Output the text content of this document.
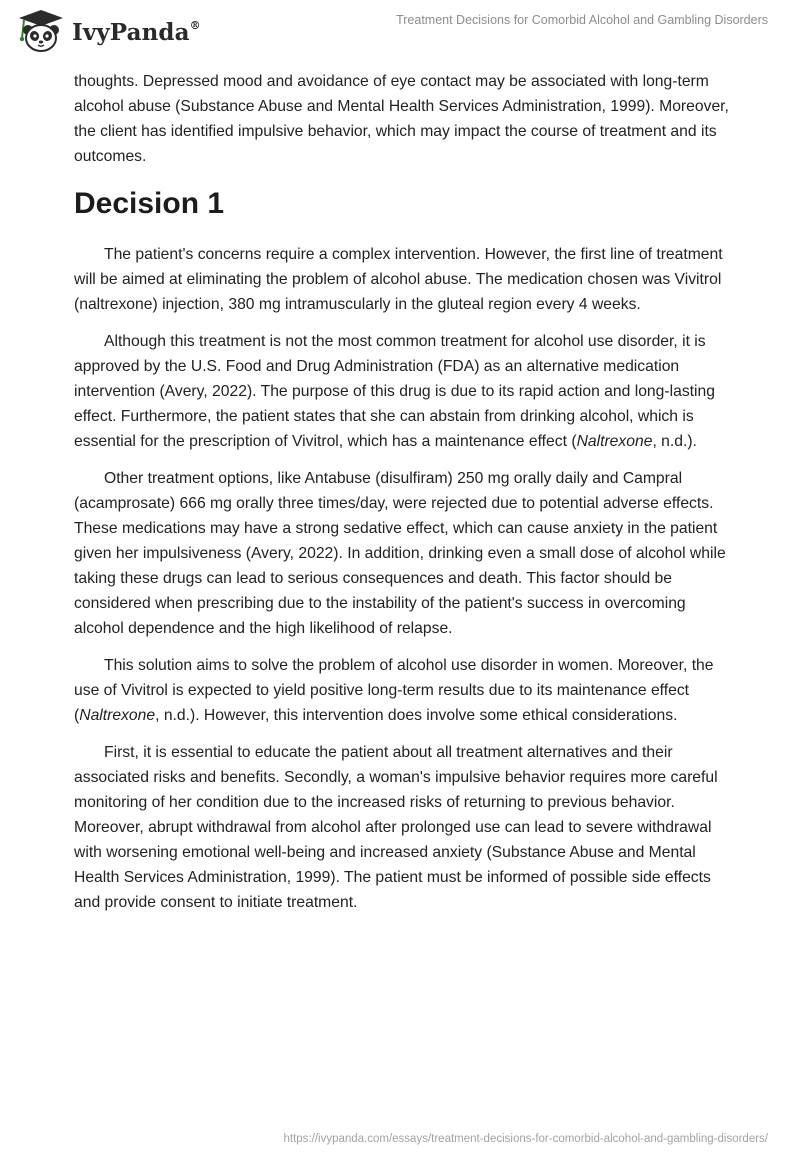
IvyPanda®	Treatment Decisions for Comorbid Alcohol and Gambling Disorders

thoughts. Depressed mood and avoidance of eye contact may be associated with long-term alcohol abuse (Substance Abuse and Mental Health Services Administration, 1999). Moreover, the client has identified impulsive behavior, which may impact the course of treatment and its outcomes.

Decision 1

The patient's concerns require a complex intervention. However, the first line of treatment will be aimed at eliminating the problem of alcohol abuse. The medication chosen was Vivitrol (naltrexone) injection, 380 mg intramuscularly in the gluteal region every 4 weeks.

Although this treatment is not the most common treatment for alcohol use disorder, it is approved by the U.S. Food and Drug Administration (FDA) as an alternative medication intervention (Avery, 2022). The purpose of this drug is due to its rapid action and long-lasting effect. Furthermore, the patient states that she can abstain from drinking alcohol, which is essential for the prescription of Vivitrol, which has a maintenance effect (Naltrexone, n.d.).

Other treatment options, like Antabuse (disulfiram) 250 mg orally daily and Campral (acamprosate) 666 mg orally three times/day, were rejected due to potential adverse effects. These medications may have a strong sedative effect, which can cause anxiety in the patient given her impulsiveness (Avery, 2022). In addition, drinking even a small dose of alcohol while taking these drugs can lead to serious consequences and death. This factor should be considered when prescribing due to the instability of the patient's success in overcoming alcohol dependence and the high likelihood of relapse.

This solution aims to solve the problem of alcohol use disorder in women. Moreover, the use of Vivitrol is expected to yield positive long-term results due to its maintenance effect (Naltrexone, n.d.). However, this intervention does involve some ethical considerations.

First, it is essential to educate the patient about all treatment alternatives and their associated risks and benefits. Secondly, a woman's impulsive behavior requires more careful monitoring of her condition due to the increased risks of returning to previous behavior. Moreover, abrupt withdrawal from alcohol after prolonged use can lead to severe withdrawal with worsening emotional well-being and increased anxiety (Substance Abuse and Mental Health Services Administration, 1999). The patient must be informed of possible side effects and provide consent to initiate treatment.

https://ivypanda.com/essays/treatment-decisions-for-comorbid-alcohol-and-gambling-disorders/
